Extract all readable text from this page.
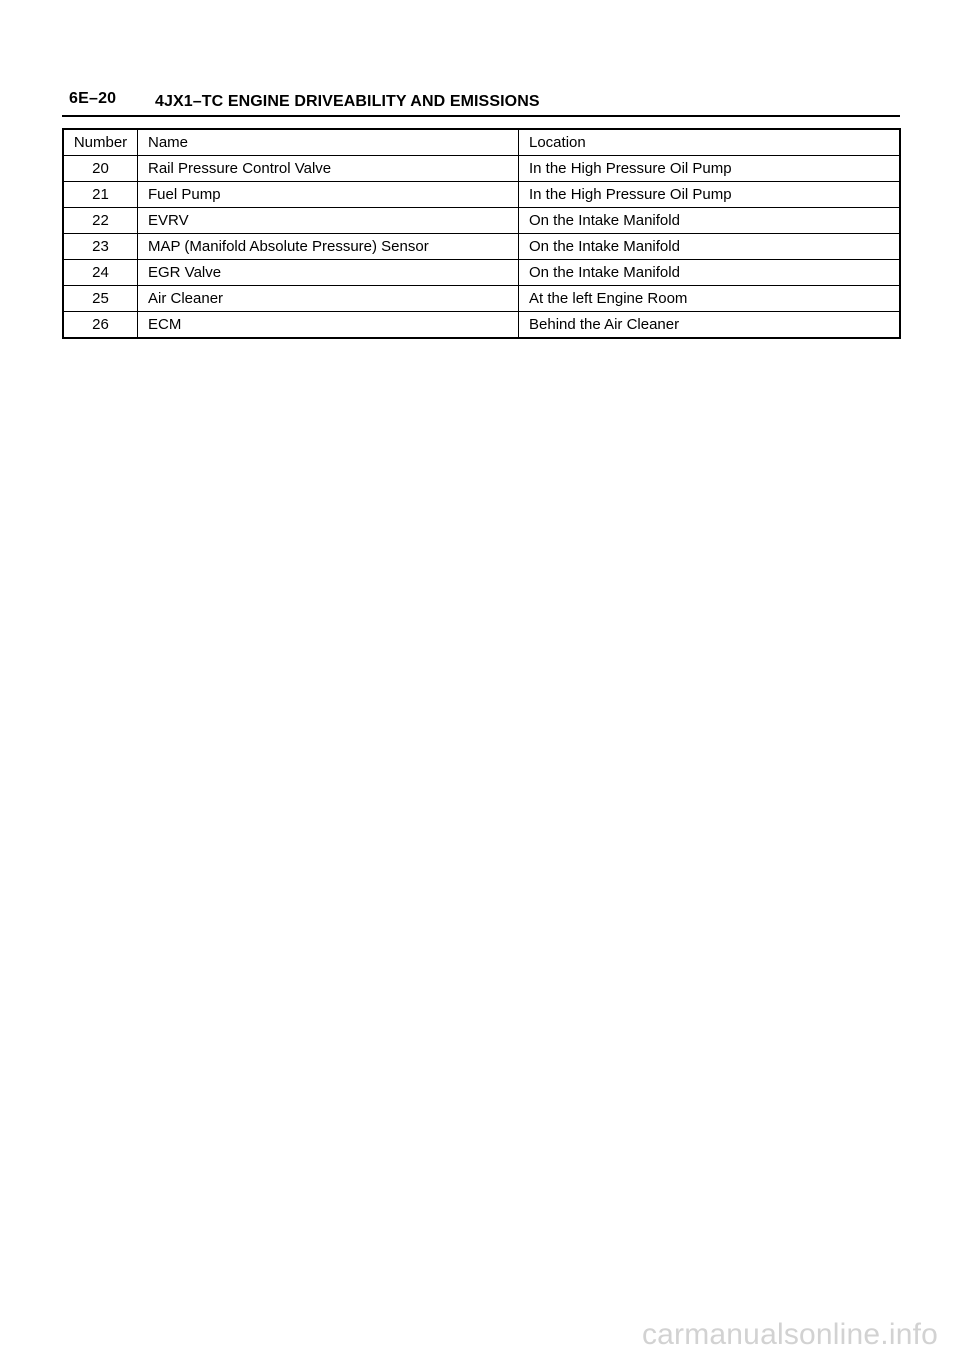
6E–20 4JX1–TC ENGINE DRIVEABILITY AND EMISSIONS
Number	Name	Location
20	Rail Pressure Control Valve	In the High Pressure Oil Pump
21	Fuel Pump	In the High Pressure Oil Pump
22	EVRV	On the Intake Manifold
23	MAP (Manifold Absolute Pressure) Sensor	On the Intake Manifold
24	EGR Valve	On the Intake Manifold
25	Air Cleaner	At the left Engine Room
26	ECM	Behind the Air Cleaner
carmanualsonline.info
